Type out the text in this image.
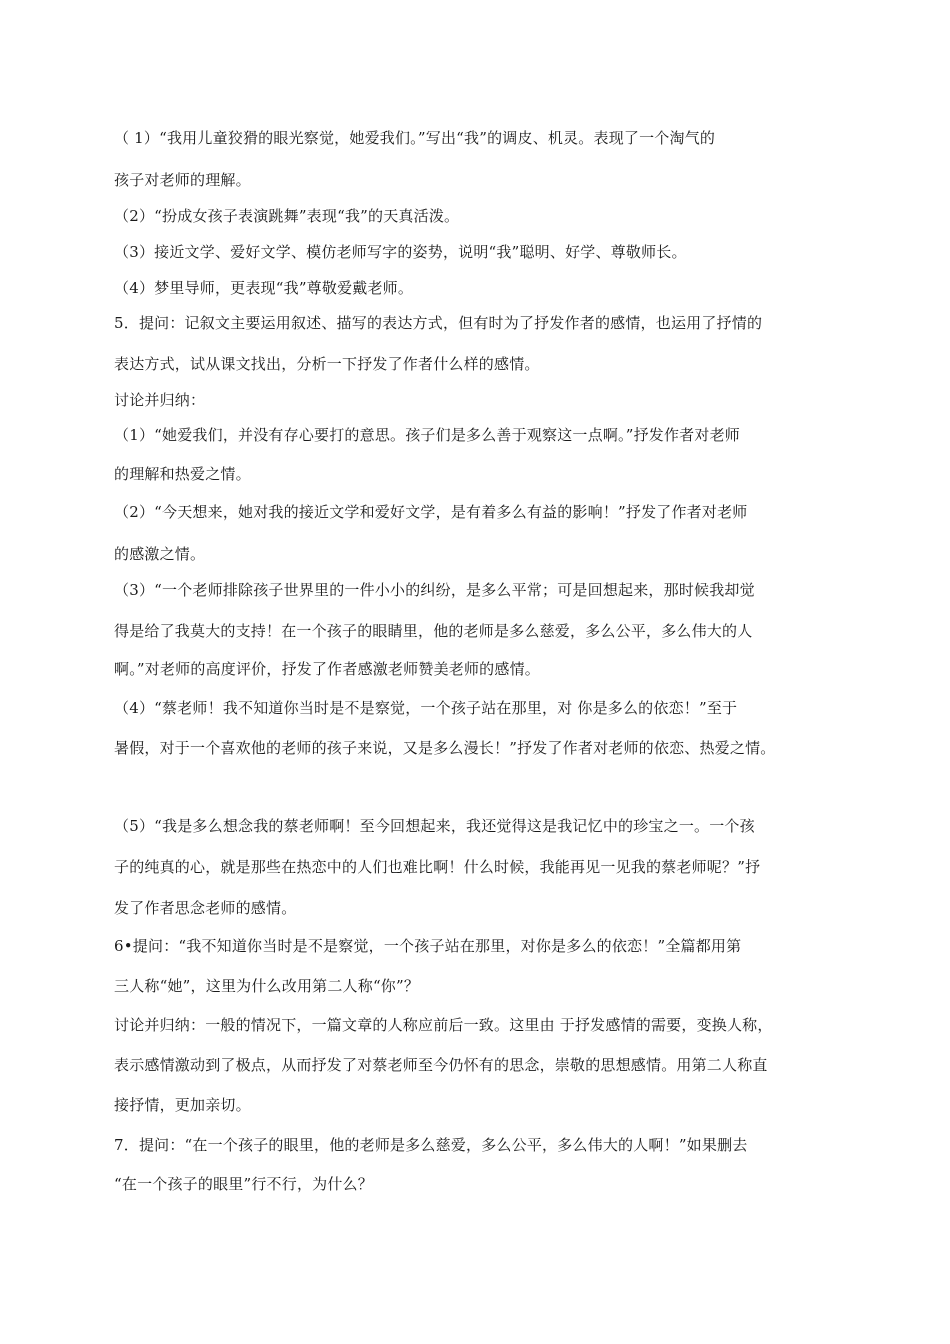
（ 1）“我用儿童狡猾的眼光察觉，她爱我们。”写出“我”的调皮、机灵。表现了一个淘气的
孩子对老师的理解。
（2）“扮成女孩子表演跳舞”表现“我”的天真活泼。
（3）接近文学、爱好文学、模仿老师写字的姿势，说明“我”聪明、好学、尊敬师长。
（4）梦里导师，更表现“我”尊敬爱戴老师。
5．提问：记叙文主要运用叙述、描写的表达方式，但有时为了抒发作者的感情，也运用了抒情的
表达方式，试从课文找出，分析一下抒发了作者什么样的感情。
讨论并归纳：
（1）“她爱我们，并没有存心要打的意思。孩子们是多么善于观察这一点啊。”抒发作者对老师
的理解和热爱之情。
（2）“今天想来，她对我的接近文学和爱好文学，是有着多么有益的影响！”抒发了作者对老师
的感激之情。
（3）“一个老师排除孩子世界里的一件小小的纠纷，是多么平常；可是回想起来，那时候我却觉
得是给了我莫大的支持！在一个孩子的眼睛里，他的老师是多么慈爱，多么公平，多么伟大的人
啊。”对老师的高度评价，抒发了作者感激老师赞美老师的感情。
（4）“蔡老师！我不知道你当时是不是察觉，一个孩子站在那里，对 你是多么的依恋！”至于
暑假，对于一个喜欢他的老师的孩子来说，又是多么漫长！”抒发了作者对老师的依恋、热爱之情。
（5）“我是多么想念我的蔡老师啊！至今回想起来，我还觉得这是我记忆中的珍宝之一。一个孩
子的纯真的心，就是那些在热恋中的人们也难比啊！什么时候，我能再见一见我的蔡老师呢？”抒
发了作者思念老师的感情。
6•提问：“我不知道你当时是不是察觉，一个孩子站在那里，对你是多么的依恋！”全篇都用第
三人称“她”，这里为什么改用第二人称“你”？
讨论并归纳：一般的情况下，一篇文章的人称应前后一致。这里由 于抒发感情的需要，变换人称，
表示感情激动到了极点，从而抒发了对蔡老师至今仍怀有的思念，崇敬的思想感情。用第二人称直
接抒情，更加亲切。
7．提问：“在一个孩子的眼里，他的老师是多么慈爱，多么公平，多么伟大的人啊！”如果删去
“在一个孩子的眼里”行不行，为什么？
